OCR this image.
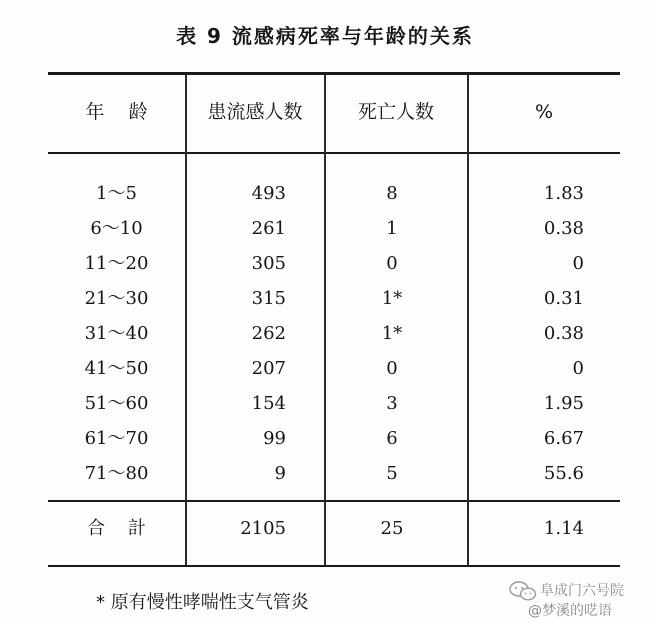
表 9 流感病死率与年龄的关系
年    龄	患流感人数	死亡人数	%
1～5	493	8	1.83
6～10	261	1	0.38
11～20	305	0	0
21～30	315	1*	0.31
31～40	262	1*	0.38
41～50	207	0	0
51～60	154	3	1.95
61～70	99	6	6.67
71～80	9	5	55.6
合    計	2105	25	1.14
* 原有慢性哮喘性支气管炎
阜成门六号院
@梦溪的呓语
